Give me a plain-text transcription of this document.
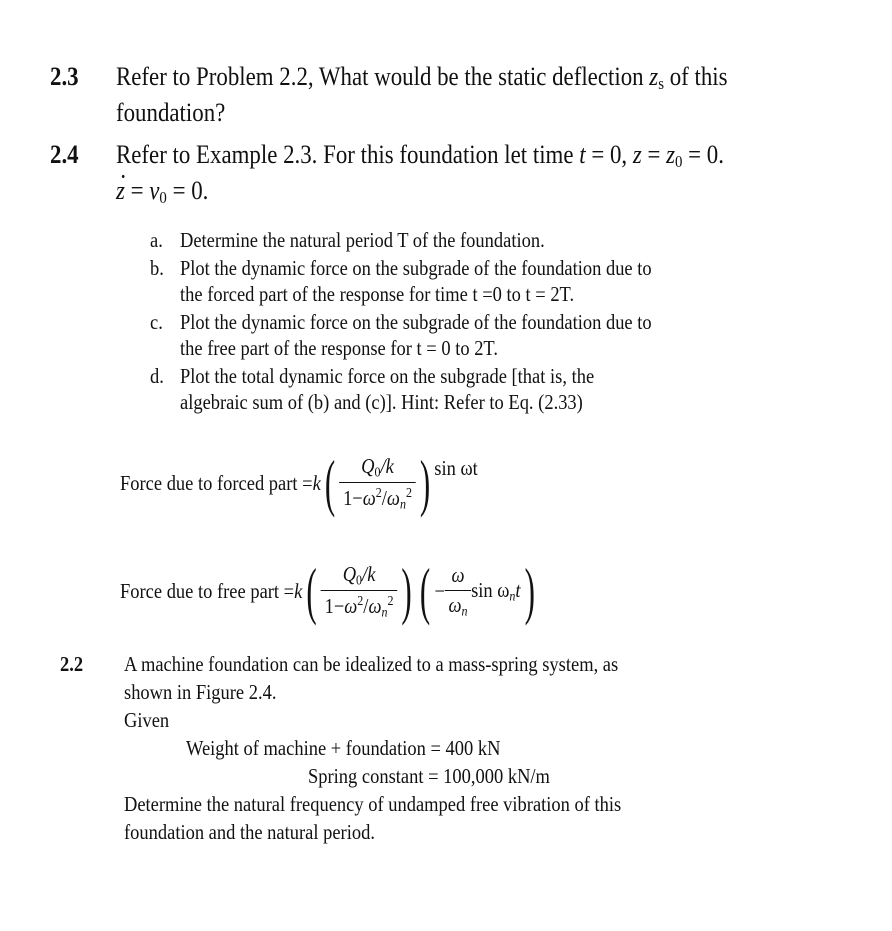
2.3 Refer to Problem 2.2, What would be the static deflection $z_s$ of this
foundation?
2.4 Refer to Example 2.3. For this foundation let time t = 0, $z = z_0 = 0$.
z · = $v_0 = 0$.
a. Determine the natural period T of the foundation.
b. Plot the dynamic force on the subgrade of the foundation due to
the forced part of the response for time t =0 to t = 2T.
c. Plot the dynamic force on the subgrade of the foundation due to
the free part of the response for t = 0 to 2T.
d. Plot the total dynamic force on the subgrade [that is, the
algebraic sum of (b) and (c)]. Hint: Refer to Eq. (2.33)
Force due to forced part = k ( $\frac{Q_0/k}{1-\omega^2/\omega_n^2}$ ) sin ωt
Force due to free part = k ( $\frac{Q_0/k}{1-\omega^2/\omega_n^2}$ ) ( − $\frac{\omega}{\omega_n}$ $\sin \omega_nt$ )
2.2 A machine foundation can be idealized to a mass-spring system, as
shown in Figure 2.4.
Given
Weight of machine + foundation = 400 kN
Spring constant = 100,000 kN/m
Determine the natural frequency of undamped free vibration of this
foundation and the natural period.
